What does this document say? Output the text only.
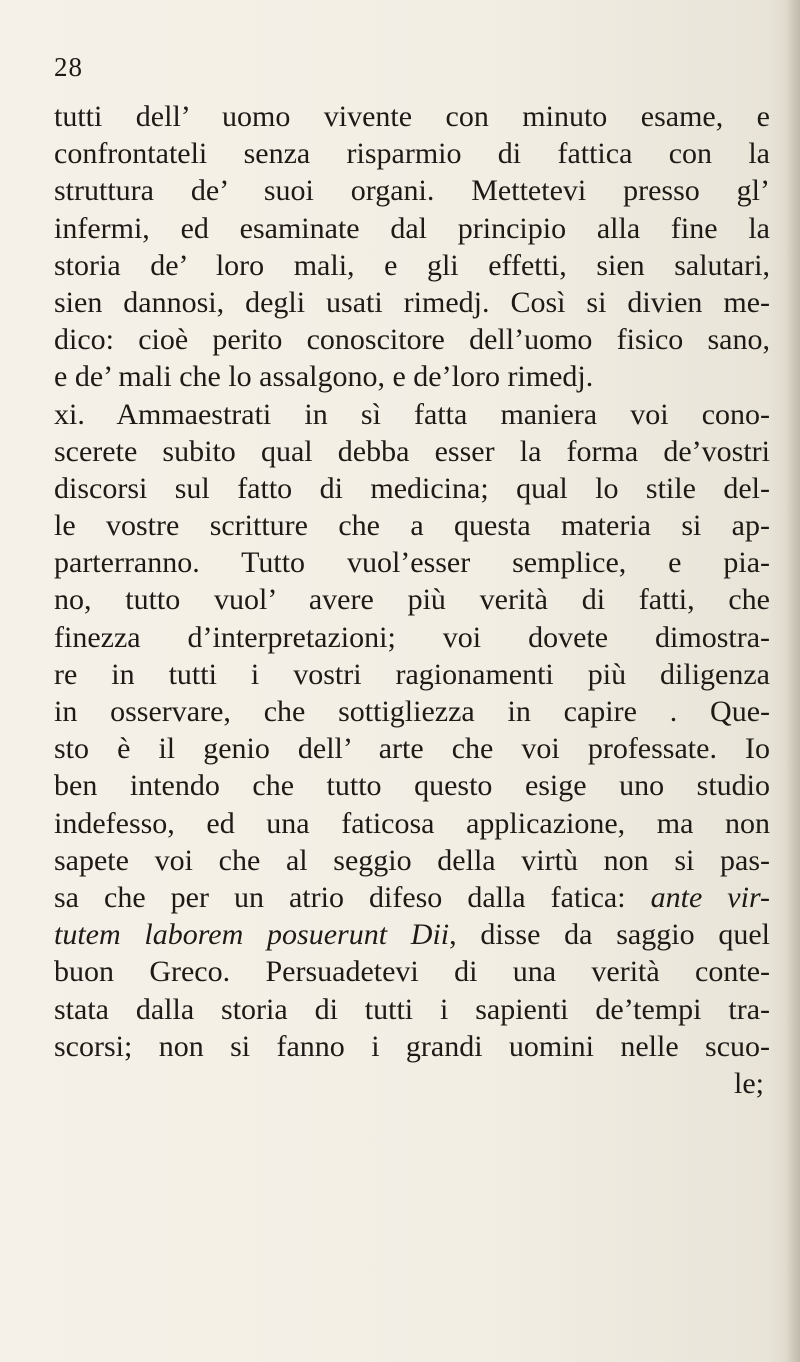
28
tutti dell’ uomo vivente con minuto esame, e
confrontateli senza risparmio di fattica con la
struttura de’ suoi organi. Mettetevi presso gl’
infermi, ed esaminate dal principio alla fine la
storia de’ loro mali, e gli effetti, sien salutari,
sien dannosi, degli usati rimedj. Così si divien me-
dico: cioè perito conoscitore dell’uomo fisico sano,
e de’ mali che lo assalgono, e de’loro rimedj.
xi. Ammaestrati in sì fatta maniera voi cono-
scerete subito qual debba esser la forma de’vostri
discorsi sul fatto di medicina; qual lo stile del-
le vostre scritture che a questa materia si ap-
parterranno. Tutto vuol’esser semplice, e pia-
no, tutto vuol’ avere più verità di fatti, che
finezza d’interpretazioni; voi dovete dimostra-
re in tutti i vostri ragionamenti più diligenza
in osservare, che sottigliezza in capire . Que-
sto è il genio dell’ arte che voi professate. Io
ben intendo che tutto questo esige uno studio
indefesso, ed una faticosa applicazione, ma non
sapete voi che al seggio della virtù non si pas-
sa che per un atrio difeso dalla fatica: ante vir-
tutem laborem posuerunt Dii, disse da saggio quel
buon Greco. Persuadetevi di una verità conte-
stata dalla storia di tutti i sapienti de’tempi tra-
scorsi; non si fanno i grandi uomini nelle scuo-
le;
